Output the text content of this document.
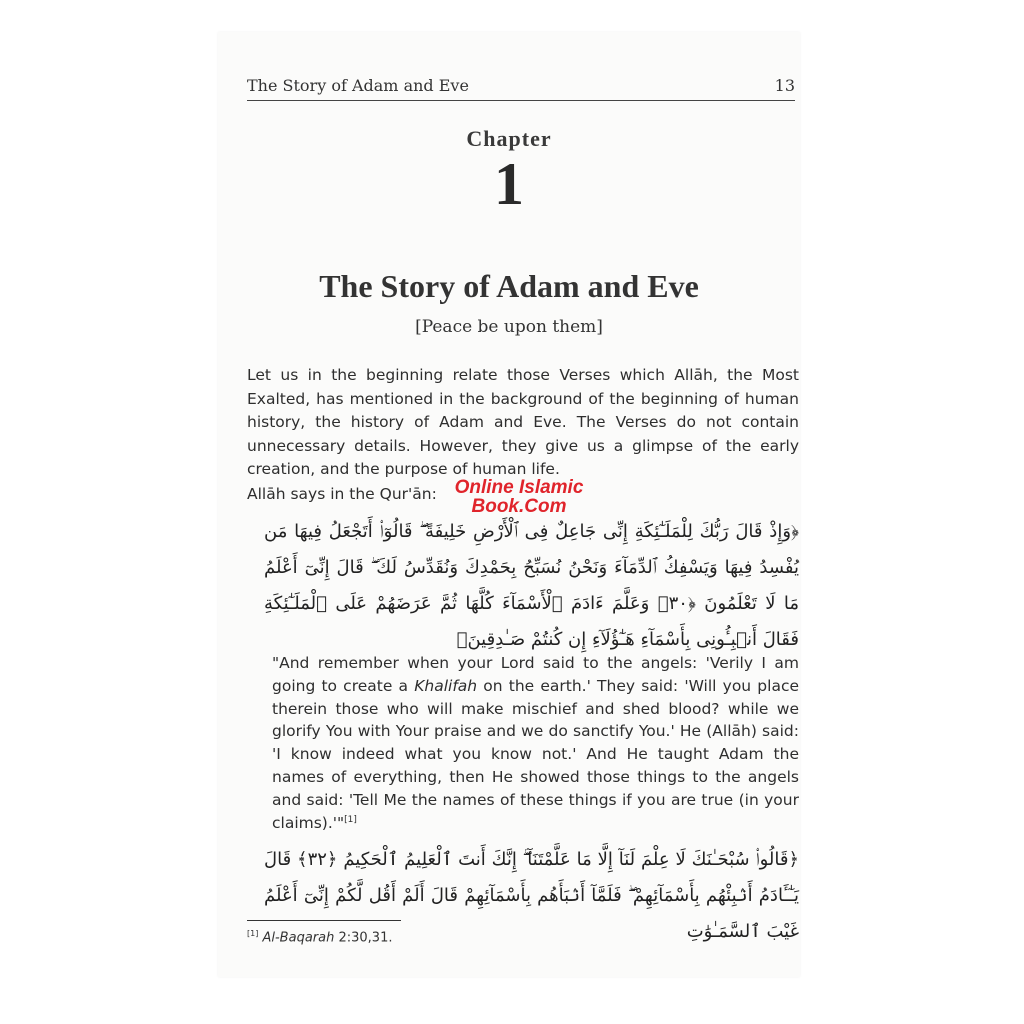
The Story of Adam and Eve	13
Chapter
1
The Story of Adam and Eve
[Peace be upon them]

Let us in the beginning relate those Verses which Allāh, the Most Exalted, has mentioned in the background of the beginning of human history, the history of Adam and Eve. The Verses do not contain unnecessary details. However, they give us a glimpse of the early creation, and the purpose of human life.

Allāh says in the Qur'ān: Online Islamic
Book.Com
﴿وَإِذْ قَالَ رَبُّكَ لِلْمَلَـٰٓئِكَةِ إِنِّى جَاعِلٌ فِى ٱلْأَرْضِ خَلِيفَةً ۖ قَالُوٓا۟ أَتَجْعَلُ فِيهَا مَن يُفْسِدُ فِيهَا وَيَسْفِكُ ٱلدِّمَآءَ وَنَحْنُ نُسَبِّحُ بِحَمْدِكَ وَنُقَدِّسُ لَكَ ۖ قَالَ إِنِّىٓ أَعْلَمُ مَا لَا تَعْلَمُونَ ﴿٣٠﴾ وَعَلَّمَ ءَادَمَ ٱلْأَسْمَآءَ كُلَّهَا ثُمَّ عَرَضَهُمْ عَلَى ٱلْمَلَـٰٓئِكَةِ فَقَالَ أَنۢبِـُٔونِى بِأَسْمَآءِ هَـٰٓؤُلَآءِ إِن كُنتُمْ صَـٰدِقِينَ﴾

"And remember when your Lord said to the angels: 'Verily I am going to create a Khalifah on the earth.' They said: 'Will you place therein those who will make mischief and shed blood? while we glorify You with Your praise and we do sanctify You.' He (Allāh) said: 'I know indeed what you know not.' And He taught Adam the names of everything, then He showed those things to the angels and said: 'Tell Me the names of these things if you are true (in your claims).'"[1]

﴿قَالُوا۟ سُبْحَـٰنَكَ لَا عِلْمَ لَنَآ إِلَّا مَا عَلَّمْتَنَآ ۖ إِنَّكَ أَنتَ ٱلْعَلِيمُ ٱلْحَكِيمُ ﴿٣٢﴾ قَالَ يَـٰٓـَٔادَمُ أَنۢبِئْهُم بِأَسْمَآئِهِمْ ۖ فَلَمَّآ أَنۢبَأَهُم بِأَسْمَآئِهِمْ قَالَ أَلَمْ أَقُل لَّكُمْ إِنِّىٓ أَعْلَمُ غَيْبَ ٱلسَّمَـٰوَٰتِ
[1] Al-Baqarah 2:30,31.
